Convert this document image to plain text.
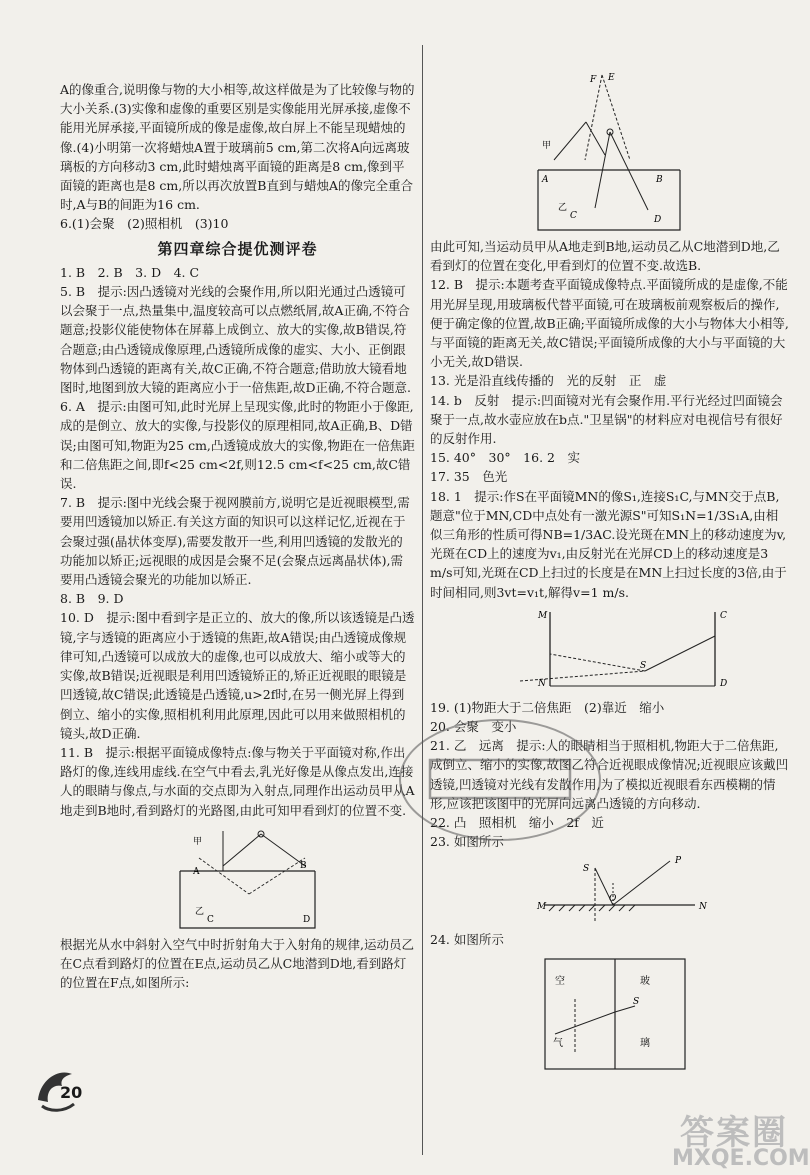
A的像重合,说明像与物的大小相等,故这样做是为了比较像与物的大小关系.(3)实像和虚像的重要区别是实像能用光屏承接,虚像不能用光屏承接,平面镜所成的像是虚像,故白屏上不能呈现蜡烛的像.(4)小明第一次将蜡烛A置于玻璃前5 cm,第二次将A向远离玻璃板的方向移动3 cm,此时蜡烛离平面镜的距离是8 cm,像到平面镜的距离也是8 cm,所以再次放置B直到与蜡烛A的像完全重合时,A与B的间距为16 cm.

6.(1)会聚　(2)照相机　(3)10

第四章综合提优测评卷

1. B　2. B　3. D　4. C

5. B　提示:因凸透镜对光线的会聚作用,所以阳光通过凸透镜可以会聚于一点,热量集中,温度较高可以点燃纸屑,故A正确,不符合题意;投影仪能使物体在屏幕上成倒立、放大的实像,故B错误,符合题意;由凸透镜成像原理,凸透镜所成像的虚实、大小、正倒跟物体到凸透镜的距离有关,故C正确,不符合题意;借助放大镜看地图时,地图到放大镜的距离应小于一倍焦距,故D正确,不符合题意.

6. A　提示:由图可知,此时光屏上呈现实像,此时的物距小于像距,成的是倒立、放大的实像,与投影仪的原理相同,故A正确,B、D错误;由图可知,物距为25 cm,凸透镜成放大的实像,物距在一倍焦距和二倍焦距之间,即f<25 cm<2f,则12.5 cm<f<25 cm,故C错误.

7. B　提示:图中光线会聚于视网膜前方,说明它是近视眼模型,需要用凹透镜加以矫正.有关这方面的知识可以这样记忆,近视在于会聚过强(晶状体变厚),需要发散开一些,利用凹透镜的发散光的功能加以矫正;远视眼的成因是会聚不足(会聚点远离晶状体),需要用凸透镜会聚光的功能加以矫正.

8. B　9. D

10. D　提示:图中看到字是正立的、放大的像,所以该透镜是凸透镜,字与透镜的距离应小于透镜的焦距,故A错误;由凸透镜成像规律可知,凸透镜可以成放大的虚像,也可以成放大、缩小或等大的实像,故B错误;近视眼是利用凹透镜矫正的,矫正近视眼的眼镜是凹透镜,故C错误;此透镜是凸透镜,u>2f时,在另一侧光屏上得到倒立、缩小的实像,照相机利用此原理,因此可以用来做照相机的镜头,故D正确.

11. B　提示:根据平面镜成像特点:像与物关于平面镜对称,作出路灯的像,连线用虚线.在空气中看去,乳光好像是从像点发出,连接人的眼睛与像点,与水面的交点即为入射点,同理作出运动员甲从A地走到B地时,看到路灯的光路图,由此可知甲看到灯的位置不变.

甲
A
B
乙
C	D

根据光从水中斜射入空气中时折射角大于入射角的规律,运动员乙在C点看到路灯的位置在E点,运动员乙从C地潜到D地,看到路灯的位置在F点,如图所示:

F E
甲
A	B
乙
C	D

由此可知,当运动员甲从A地走到B地,运动员乙从C地潜到D地,乙看到灯的位置在变化,甲看到灯的位置不变.故选B.

12. B　提示:本题考查平面镜成像特点.平面镜所成的是虚像,不能用光屏呈现,用玻璃板代替平面镜,可在玻璃板前观察板后的操作,便于确定像的位置,故B正确;平面镜所成像的大小与物体大小相等,与平面镜的距离无关,故C错误;平面镜所成像的大小与平面镜的大小无关,故D错误.

13. 光是沿直线传播的　光的反射　正　虚

14. b　反射　提示:凹面镜对光有会聚作用.平行光经过凹面镜会聚于一点,故水壶应放在b点."卫星锅"的材料应对电视信号有很好的反射作用.

15. 40°　30°　16. 2　实

17. 35　色光

18. 1　提示:作S在平面镜MN的像S₁,连接S₁C,与MN交于点B,题意"位于MN,CD中点处有一激光源S"可知S₁N=1/3S₁A,由相似三角形的性质可得NB=1/3AC.设光斑在MN上的移动速度为v,光斑在CD上的速度为v₁,由反射光在光屏CD上的移动速度是3 m/s可知,光斑在CD上扫过的长度是在MN上扫过长度的3倍,由于时间相同,则3vt=v₁t,解得v=1 m/s.

M	C
N
S
D

19. (1)物距大于二倍焦距　(2)靠近　缩小

20. 会聚　变小

21. 乙　远离　提示:人的眼睛相当于照相机,物距大于二倍焦距,成倒立、缩小的实像,故图乙符合近视眼成像情况;近视眼应该戴凹透镜,凹透镜对光线有发散作用,为了模拟近视眼看东西模糊的情形,应该把该图中的光屏向远离凸透镜的方向移动.

22. 凸　照相机　缩小　2f　近

23. 如图所示

S
P
M
O
N

24. 如图所示

空
气
玻
璃
S
20
答案圈
MXQE.COM
